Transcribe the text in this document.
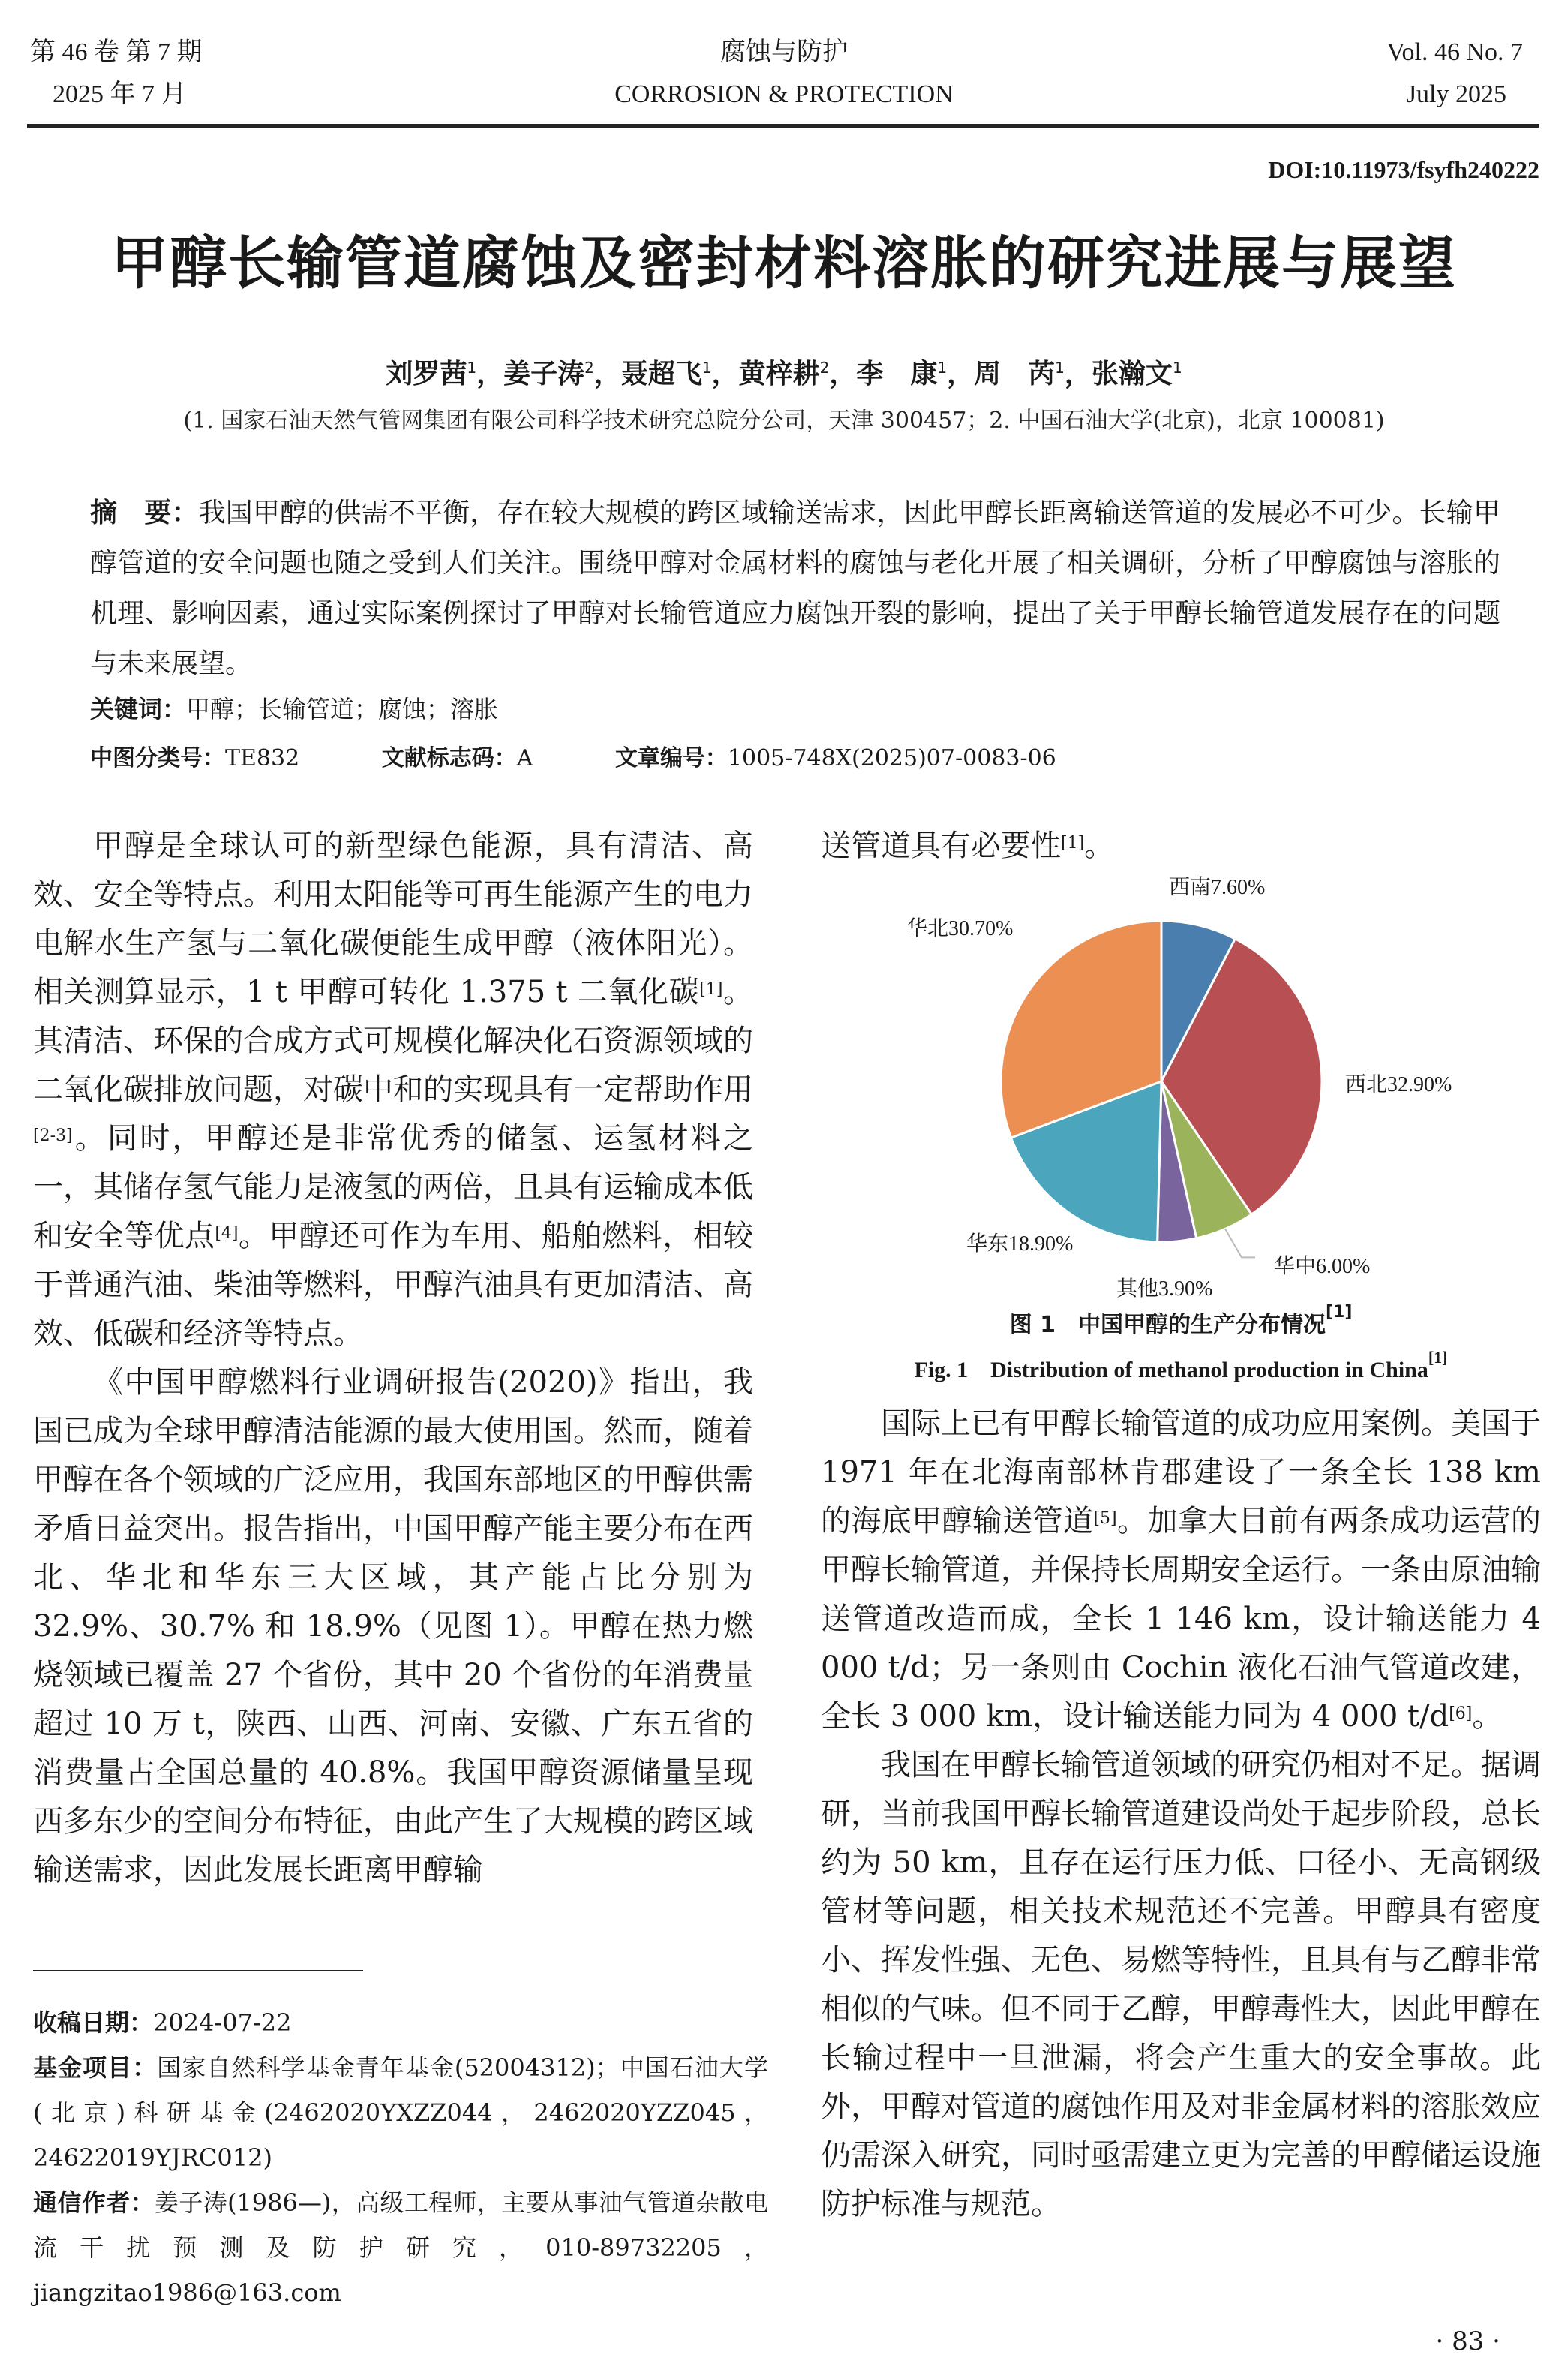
第 46 卷 第 7 期
2025 年 7 月
腐蚀与防护
CORROSION & PROTECTION
Vol. 46 No. 7
July 2025
DOI:10.11973/fsyfh240222
甲醇长输管道腐蚀及密封材料溶胀的研究进展与展望
刘罗茜$^1$，姜子涛$^2$，聂超飞$^1$，黄梓耕$^2$，李　康$^1$，周　芮$^1$，张瀚文$^1$
(1. 国家石油天然气管网集团有限公司科学技术研究总院分公司，天津 300457；2. 中国石油大学(北京)，北京 100081)
摘　要：我国甲醇的供需不平衡，存在较大规模的跨区域输送需求，因此甲醇长距离输送管道的发展必不可少。长输甲醇管道的安全问题也随之受到人们关注。围绕甲醇对金属材料的腐蚀与老化开展了相关调研，分析了甲醇腐蚀与溶胀的机理、影响因素，通过实际案例探讨了甲醇对长输管道应力腐蚀开裂的影响，提出了关于甲醇长输管道发展存在的问题与未来展望。
关键词：甲醇；长输管道；腐蚀；溶胀
中图分类号：TE832	文献标志码：A	文章编号：1005-748X(2025)07-0083-06

甲醇是全球认可的新型绿色能源，具有清洁、高效、安全等特点。利用太阳能等可再生能源产生的电力电解水生产氢与二氧化碳便能生成甲醇（液体阳光）。相关测算显示，1 t 甲醇可转化 1.375 t 二氧化碳[1]。其清洁、环保的合成方式可规模化解决化石资源领域的二氧化碳排放问题，对碳中和的实现具有一定帮助作用[2-3]。同时，甲醇还是非常优秀的储氢、运氢材料之一，其储存氢气能力是液氢的两倍，且具有运输成本低和安全等优点[4]。甲醇还可作为车用、船舶燃料，相较于普通汽油、柴油等燃料，甲醇汽油具有更加清洁、高效、低碳和经济等特点。

《中国甲醇燃料行业调研报告(2020)》指出，我国已成为全球甲醇清洁能源的最大使用国。然而，随着甲醇在各个领域的广泛应用，我国东部地区的甲醇供需矛盾日益突出。报告指出，中国甲醇产能主要分布在西北、华北和华东三大区域，其产能占比分别为 32.9%、30.7% 和 18.9%（见图 1）。甲醇在热力燃烧领域已覆盖 27 个省份，其中 20 个省份的年消费量超过 10 万 t，陕西、山西、河南、安徽、广东五省的消费量占全国总量的 40.8%。我国甲醇资源储量呈现西多东少的空间分布特征，由此产生了大规模的跨区域输送需求，因此发展长距离甲醇输

送管道具有必要性[1]。

西南7.60%
西北32.90%
华中6.00%
其他3.90%
华东18.90%
华北30.70%
图 1　中国甲醇的生产分布情况[1]
Fig. 1　Distribution of methanol production in China[1]

国际上已有甲醇长输管道的成功应用案例。美国于 1971 年在北海南部林肯郡建设了一条全长 138 km 的海底甲醇输送管道[5]。加拿大目前有两条成功运营的甲醇长输管道，并保持长周期安全运行。一条由原油输送管道改造而成，全长 1 146 km，设计输送能力 4 000 t/d；另一条则由 Cochin 液化石油气管道改建，全长 3 000 km，设计输送能力同为 4 000 t/d[6]。

我国在甲醇长输管道领域的研究仍相对不足。据调研，当前我国甲醇长输管道建设尚处于起步阶段，总长约为 50 km，且存在运行压力低、口径小、无高钢级管材等问题，相关技术规范还不完善。甲醇具有密度小、挥发性强、无色、易燃等特性，且具有与乙醇非常相似的气味。但不同于乙醇，甲醇毒性大，因此甲醇在长输过程中一旦泄漏，将会产生重大的安全事故。此外，甲醇对管道的腐蚀作用及对非金属材料的溶胀效应仍需深入研究，同时亟需建立更为完善的甲醇储运设施防护标准与规范。

收稿日期：2024-07-22
基金项目：国家自然科学基金青年基金(52004312)；中国石油大学(北京)科研基金(2462020YXZZ044，2462020YZZ045，24622019YJRC012)
通信作者：姜子涛(1986—)，高级工程师，主要从事油气管道杂散电流干扰预测及防护研究，010-89732205，jiangzitao1986@163.com
· 83 ·
